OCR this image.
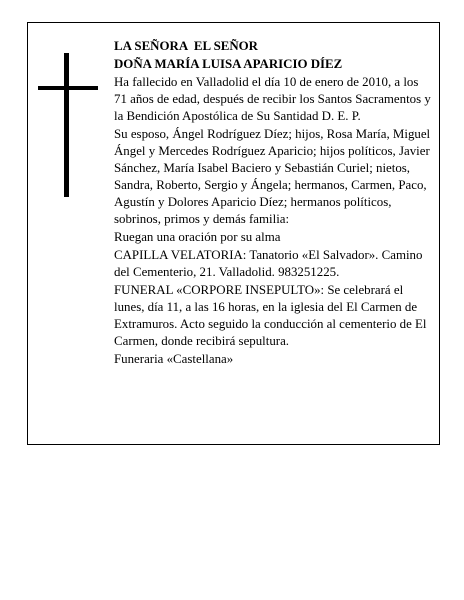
LA SEÑORA  EL SEÑOR

DOÑA MARÍA LUISA APARICIO DÍEZ

Ha fallecido en Valladolid el día 10 de enero de 2010, a los 71 años de edad, después de recibir los Santos Sacramentos y la Bendición Apostólica de Su Santidad D. E. P.

Su esposo, Ángel Rodríguez Díez; hijos, Rosa María, Miguel Ángel y Mercedes Rodríguez Aparicio; hijos políticos, Javier Sánchez, María Isabel Baciero y Sebastián Curiel; nietos, Sandra, Roberto, Sergio y Ángela; hermanos, Carmen, Paco, Agustín y Dolores Aparicio Díez; hermanos políticos, sobrinos, primos y demás familia:

Ruegan una oración por su alma

CAPILLA VELATORIA: Tanatorio «El Salvador». Camino del Cementerio, 21. Valladolid. 983251225.

FUNERAL «CORPORE INSEPULTO»: Se celebrará el lunes, día 11, a las 16 horas, en la iglesia del El Carmen de Extramuros. Acto seguido la conducción al cementerio de El Carmen, donde recibirá sepultura.

Funeraria «Castellana»
